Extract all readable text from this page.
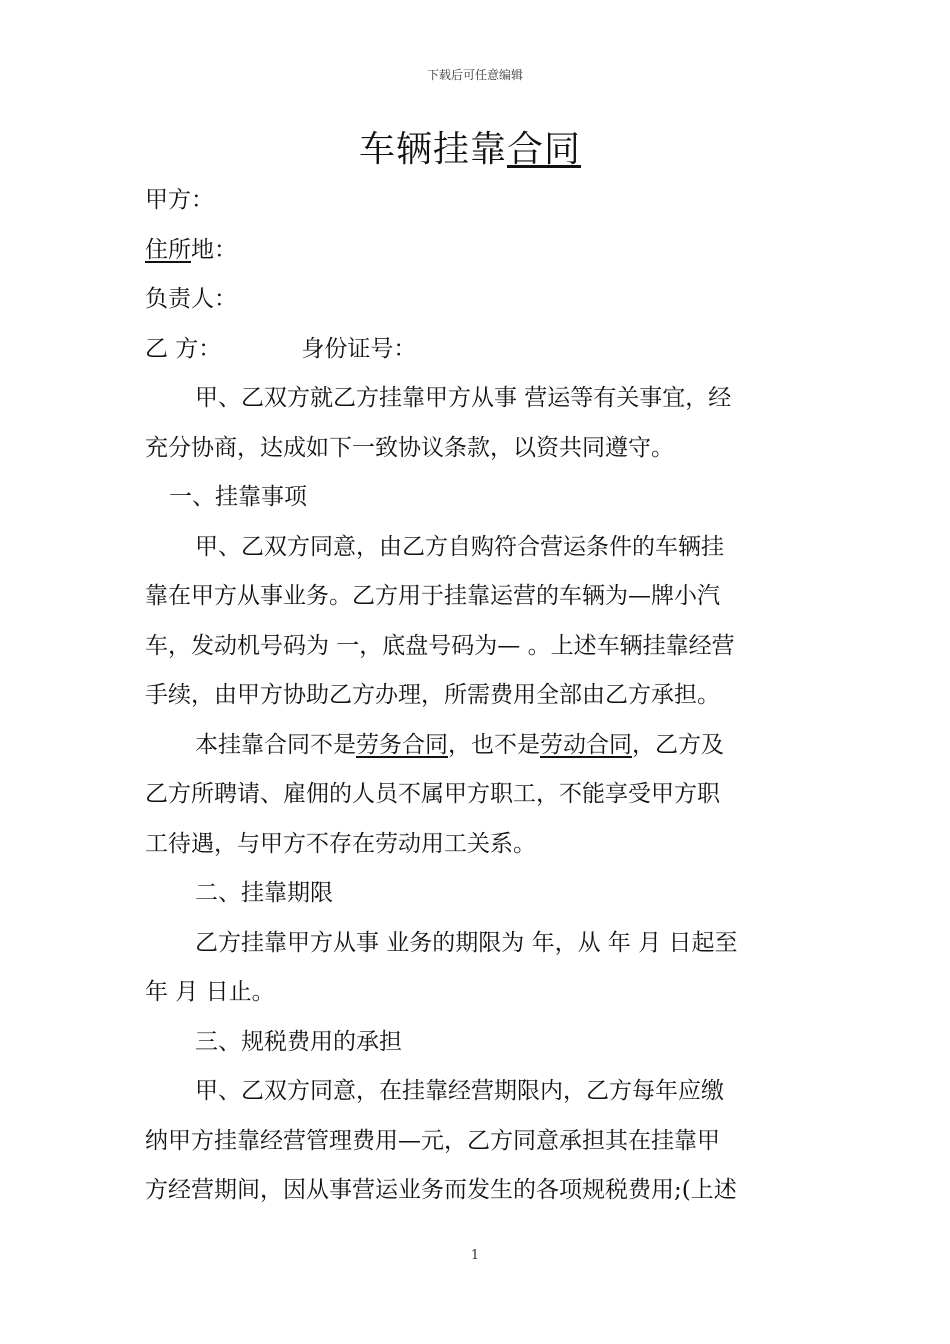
下载后可任意编辑
车辆挂靠合同
甲方：
住所地：
负责人：
乙 方：	身份证号：
甲、乙双方就乙方挂靠甲方从事 营运等有关事宜，经
充分协商，达成如下一致协议条款，以资共同遵守。
一、挂靠事项
甲、乙双方同意，由乙方自购符合营运条件的车辆挂
靠在甲方从事业务。乙方用于挂靠运营的车辆为—牌小汽
车，发动机号码为 一，底盘号码为— 。上述车辆挂靠经营
手续，由甲方协助乙方办理，所需费用全部由乙方承担。
本挂靠合同不是劳务合同，也不是劳动合同，乙方及
乙方所聘请、雇佣的人员不属甲方职工，不能享受甲方职
工待遇，与甲方不存在劳动用工关系。
二、挂靠期限
乙方挂靠甲方从事 业务的期限为 年，从 年 月 日起至
年 月 日止。
三、规税费用的承担
甲、乙双方同意，在挂靠经营期限内，乙方每年应缴
纳甲方挂靠经营管理费用—元，乙方同意承担其在挂靠甲
方经营期间，因从事营运业务而发生的各项规税费用;(上述
1
